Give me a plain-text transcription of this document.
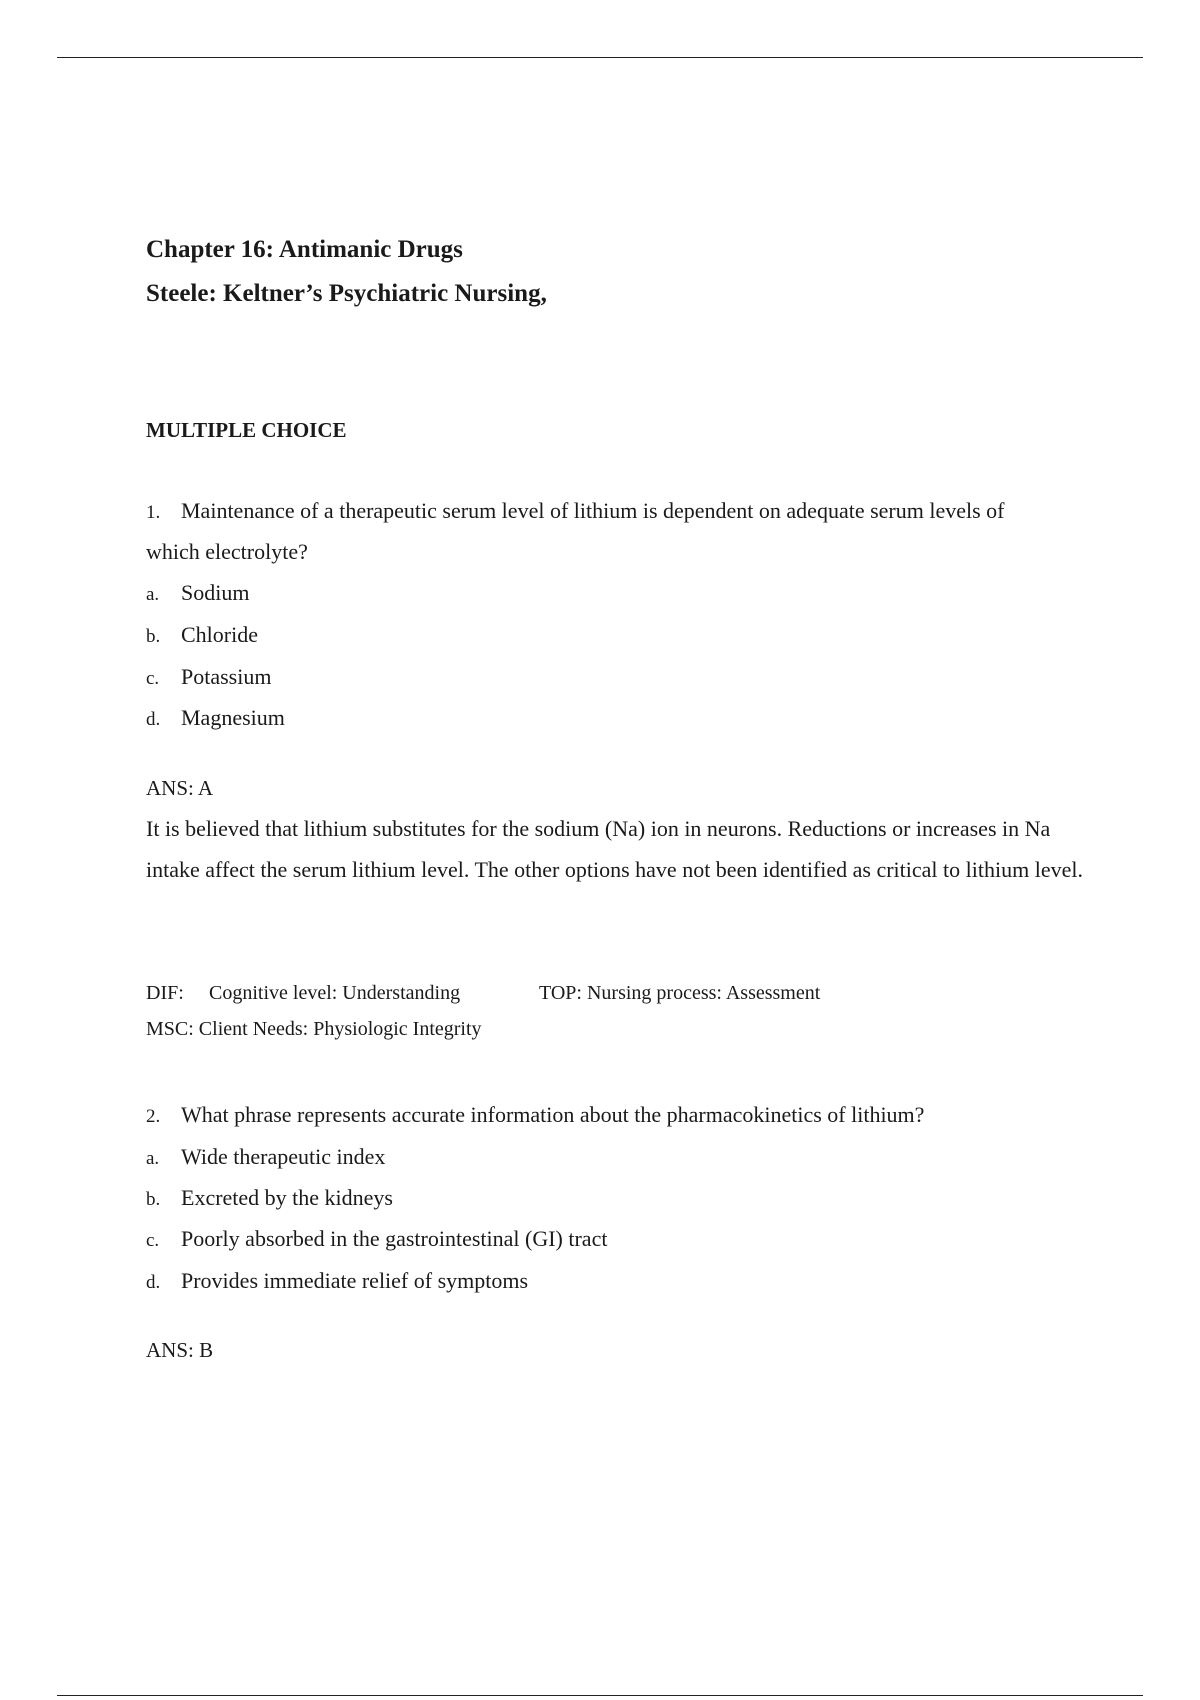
Chapter 16: Antimanic Drugs
Steele: Keltner’s Psychiatric Nursing,
MULTIPLE CHOICE
1. Maintenance of a therapeutic serum level of lithium is dependent on adequate serum levels of
which electrolyte?
a. Sodium
b. Chloride
c. Potassium
d. Magnesium
ANS: A
It is believed that lithium substitutes for the sodium (Na) ion in neurons. Reductions or increases in Na intake affect the serum lithium level. The other options have not been identified as critical to lithium level.
DIF: Cognitive level: Understanding	TOP: Nursing process: Assessment
MSC: Client Needs: Physiologic Integrity
2. What phrase represents accurate information about the pharmacokinetics of lithium?
a. Wide therapeutic index
b. Excreted by the kidneys
c. Poorly absorbed in the gastrointestinal (GI) tract
d. Provides immediate relief of symptoms
ANS: B
